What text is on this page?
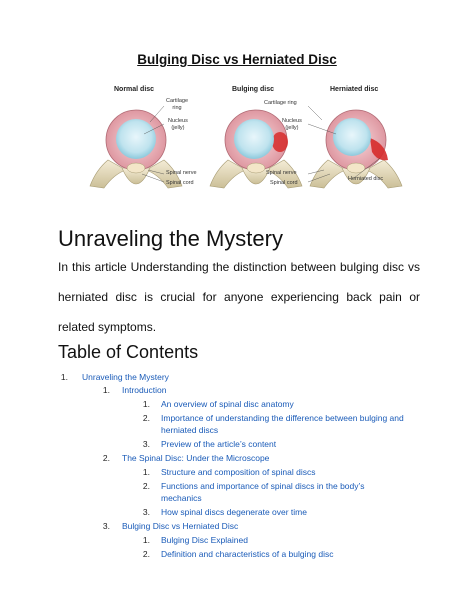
Bulging Disc vs Herniated Disc
Normal disc	Bulging disc	Herniated disc
Cartilage
ring
Nucleus
(jelly)
Cartilage ring
Nucleus
(jelly)
Spinal nerve
Spinal cord
Spinal nerve
Spinal cord
Herniated disc
Unraveling the Mystery

In this article Understanding the distinction between bulging disc vs herniated disc is crucial for anyone experiencing back pain or related symptoms.

Table of Contents
1. Unraveling the Mystery
1. Introduction
1. An overview of spinal disc anatomy
2. Importance of understanding the difference between bulging and
herniated discs
3. Preview of the article’s content
2. The Spinal Disc: Under the Microscope
1. Structure and composition of spinal discs
2. Functions and importance of spinal discs in the body’s
mechanics
3. How spinal discs degenerate over time
3. Bulging Disc vs Herniated Disc
1. Bulging Disc Explained
2. Definition and characteristics of a bulging disc
